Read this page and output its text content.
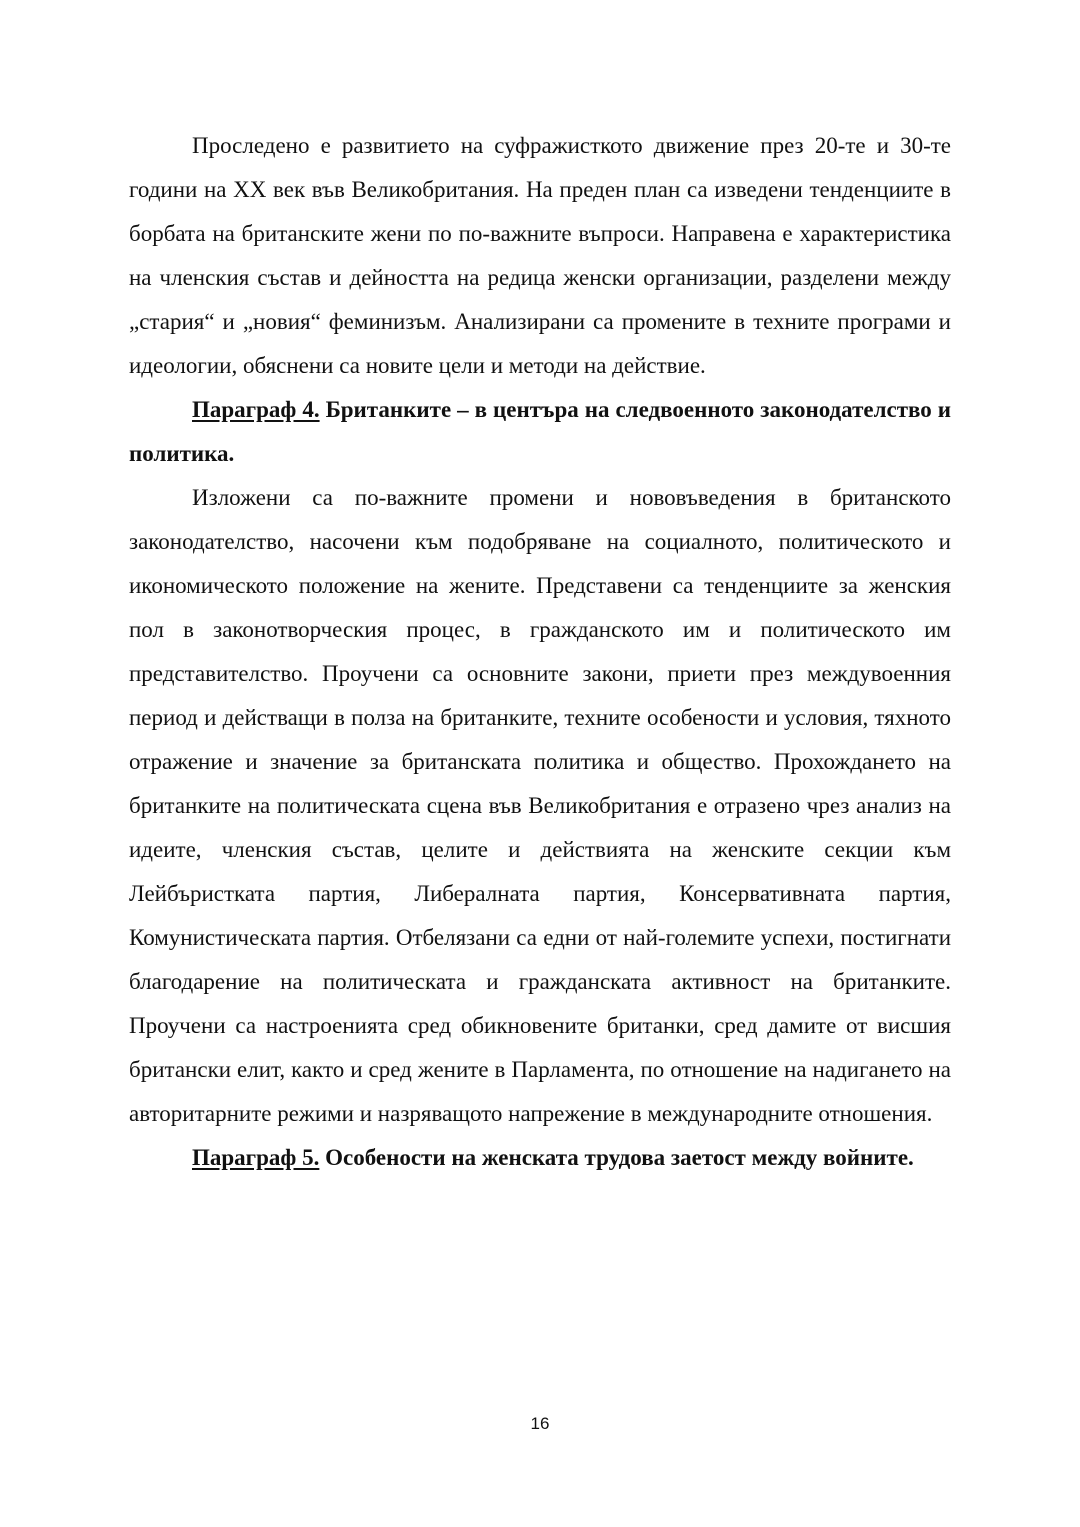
Проследено е развитието на суфражисткото движение през 20-те и 30-те години на XX век във Великобритания. На преден план са изведени тенденциите в борбата на британските жени по по-важните въпроси. Направена е характеристика на членския състав и дейността на редица женски организации, разделени между „стария“ и „новия“ феминизъм. Анализирани са промените в техните програми и идеологии, обяснени са новите цели и методи на действие.

Параграф 4. Британките – в центъра на следвоенното законодателство и политика.

Изложени са по-важните промени и нововъведения в британското законодателство, насочени към подобряване на социалното, политическото и икономическото положение на жените. Представени са тенденциите за женския пол в законотворческия процес, в гражданското им и политическото им представителство. Проучени са основните закони, приети през междувоенния период и действащи в полза на британките, техните особености и условия, тяхното отражение и значение за британската политика и общество. Прохождането на британките на политическата сцена във Великобритания е отразено чрез анализ на идеите, членския състав, целите и действията на женските секции към Лейбъристката партия, Либералната партия, Консервативната партия, Комунистическата партия. Отбелязани са едни от най-големите успехи, постигнати благодарение на политическата и гражданската активност на британките. Проучени са настроенията сред обикновените британки, сред дамите от висшия британски елит, както и сред жените в Парламента, по отношение на надигането на авторитарните режими и назряващото напрежение в международните отношения.

Параграф 5. Особености на женската трудова заетост между войните.

16
